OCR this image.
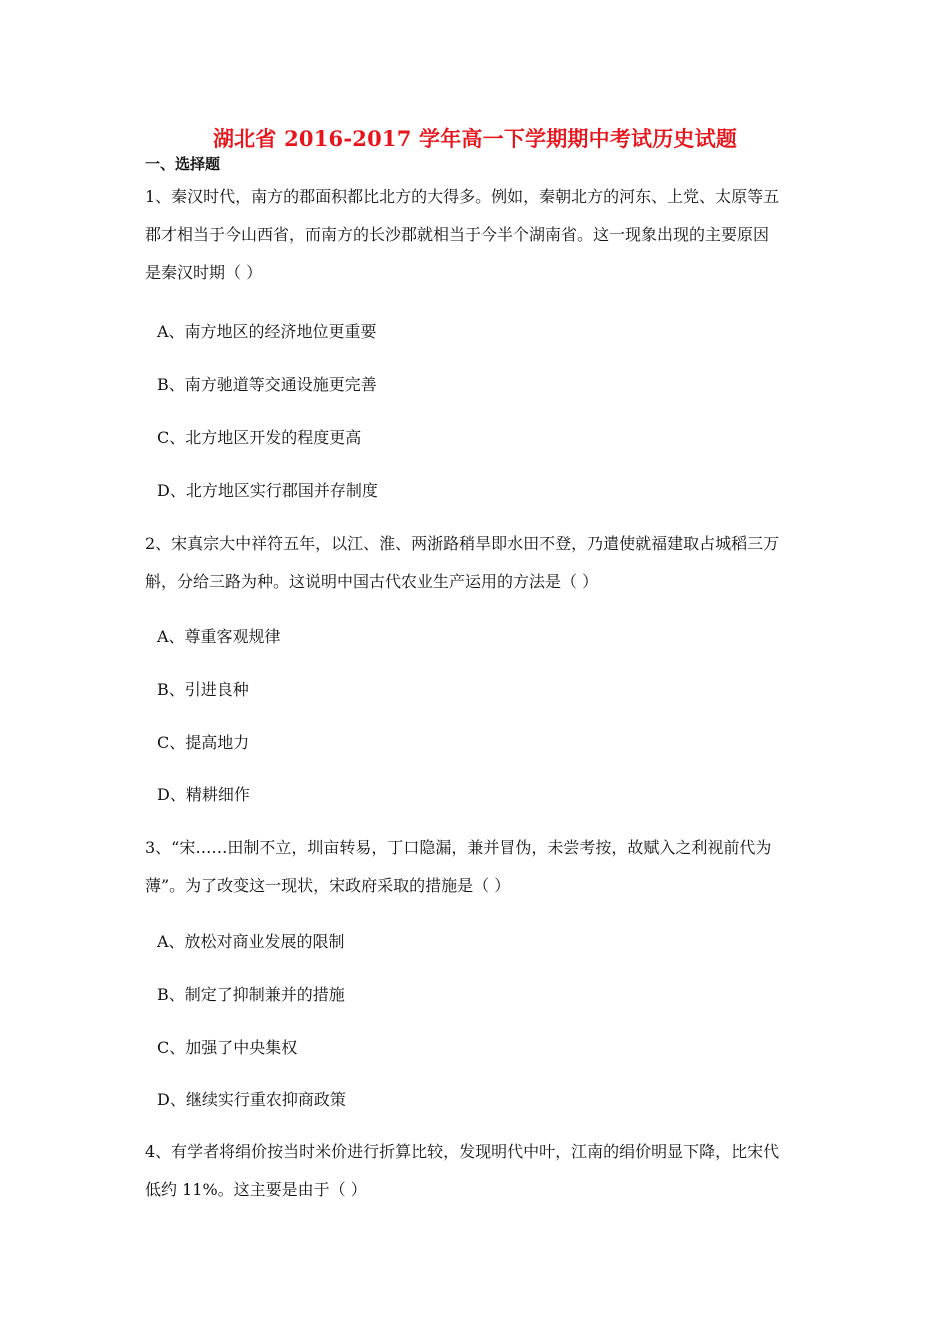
湖北省 2016-2017 学年高一下学期期中考试历史试题
一、选择题
1、秦汉时代，南方的郡面积都比北方的大得多。例如，秦朝北方的河东、上党、太原等五
郡才相当于今山西省，而南方的长沙郡就相当于今半个湖南省。这一现象出现的主要原因
是秦汉时期（ ）
A、南方地区的经济地位更重要
B、南方驰道等交通设施更完善
C、北方地区开发的程度更高
D、北方地区实行郡国并存制度
2、宋真宗大中祥符五年，以江、淮、两浙路稍旱即水田不登，乃遣使就福建取占城稻三万
斛，分给三路为种。这说明中国古代农业生产运用的方法是（ ）
A、尊重客观规律
B、引进良种
C、提高地力
D、精耕细作
3、“宋……田制不立，圳亩转易，丁口隐漏，兼并冒伪，未尝考按，故赋入之利视前代为
薄”。为了改变这一现状，宋政府采取的措施是（ ）
A、放松对商业发展的限制
B、制定了抑制兼并的措施
C、加强了中央集权
D、继续实行重农抑商政策
4、有学者将绢价按当时米价进行折算比较，发现明代中叶，江南的绢价明显下降，比宋代
低约 11%。这主要是由于（ ）
